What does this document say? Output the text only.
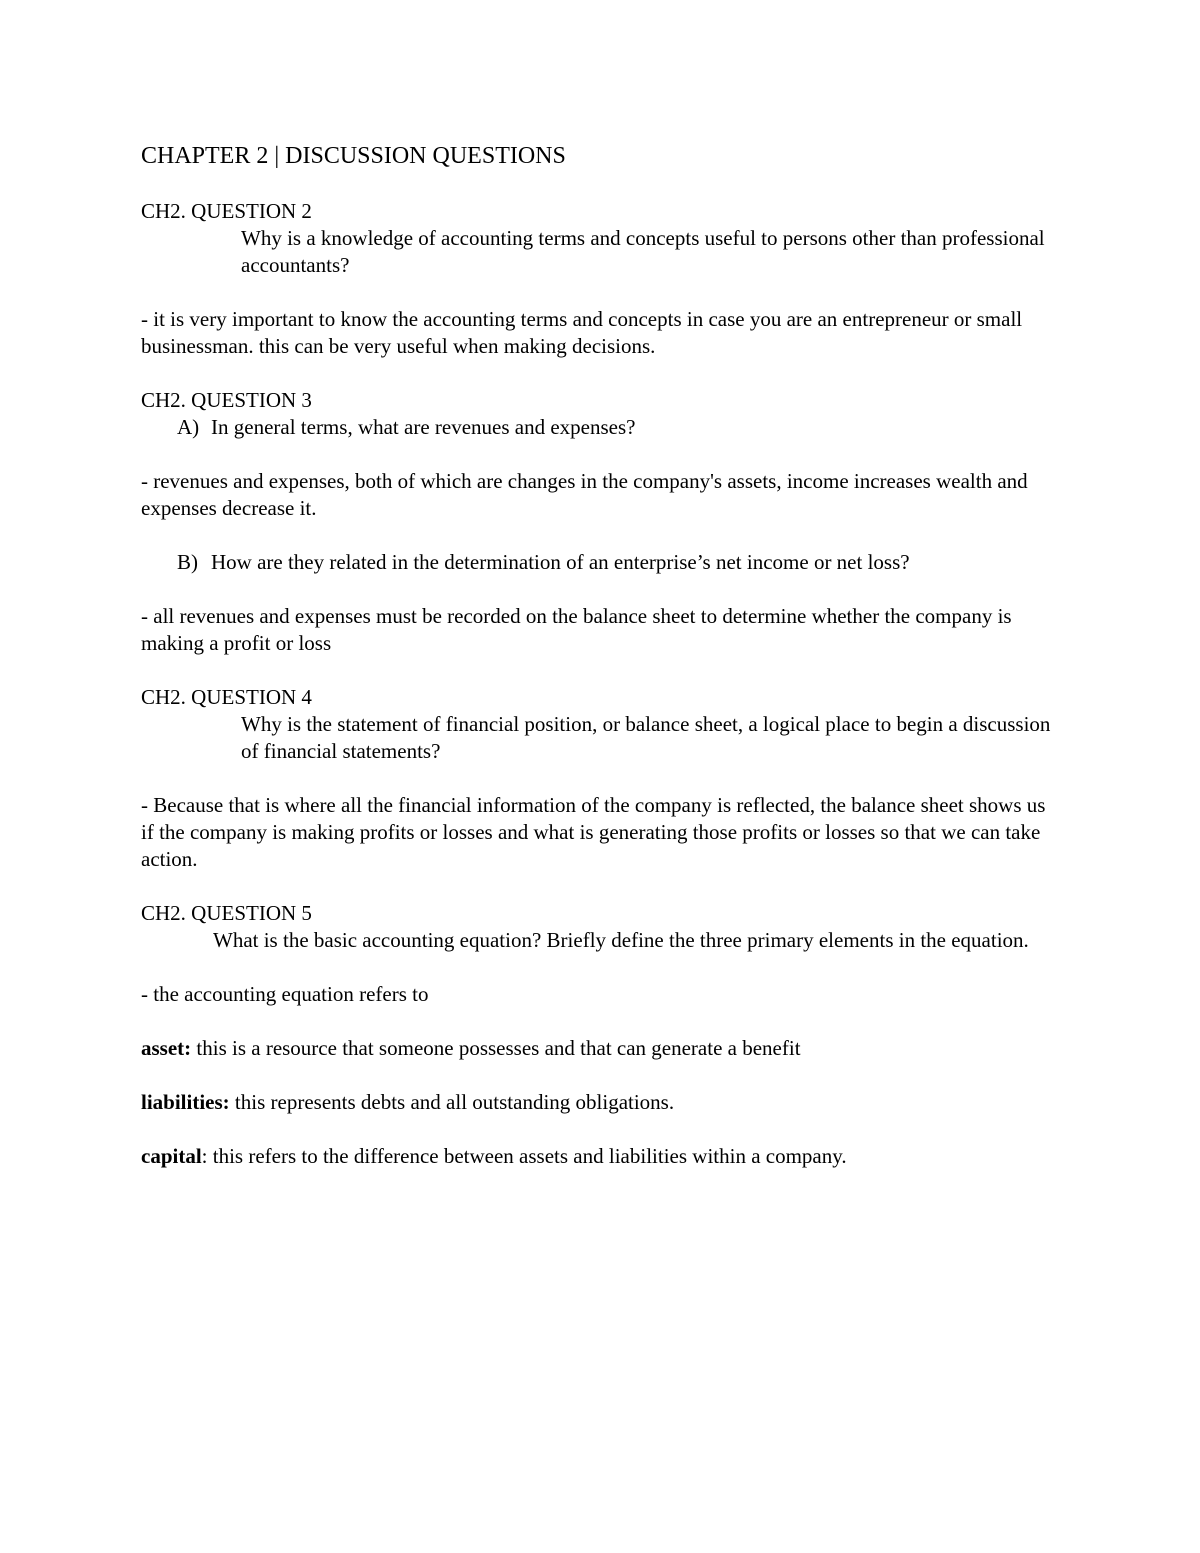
CHAPTER 2 | DISCUSSION QUESTIONS

CH2. QUESTION 2

Why is a knowledge of accounting terms and concepts useful to persons other than professional accountants?

- it is very important to know the accounting terms and concepts in case you are an entrepreneur or small businessman. this can be very useful when making decisions.

CH2. QUESTION 3

A) In general terms, what are revenues and expenses?

- revenues and expenses, both of which are changes in the company's assets, income increases wealth and expenses decrease it.

B) How are they related in the determination of an enterprise’s net income or net loss?

- all revenues and expenses must be recorded on the balance sheet to determine whether the company is making a profit or loss

CH2. QUESTION 4

Why is the statement of financial position, or balance sheet, a logical place to begin a discussion of financial statements?

- Because that is where all the financial information of the company is reflected, the balance sheet shows us if the company is making profits or losses and what is generating those profits or losses so that we can take action.

CH2. QUESTION 5

What is the basic accounting equation? Briefly define the three primary elements in the equation.

- the accounting equation refers to

asset: this is a resource that someone possesses and that can generate a benefit

liabilities: this represents debts and all outstanding obligations.

capital: this refers to the difference between assets and liabilities within a company.
